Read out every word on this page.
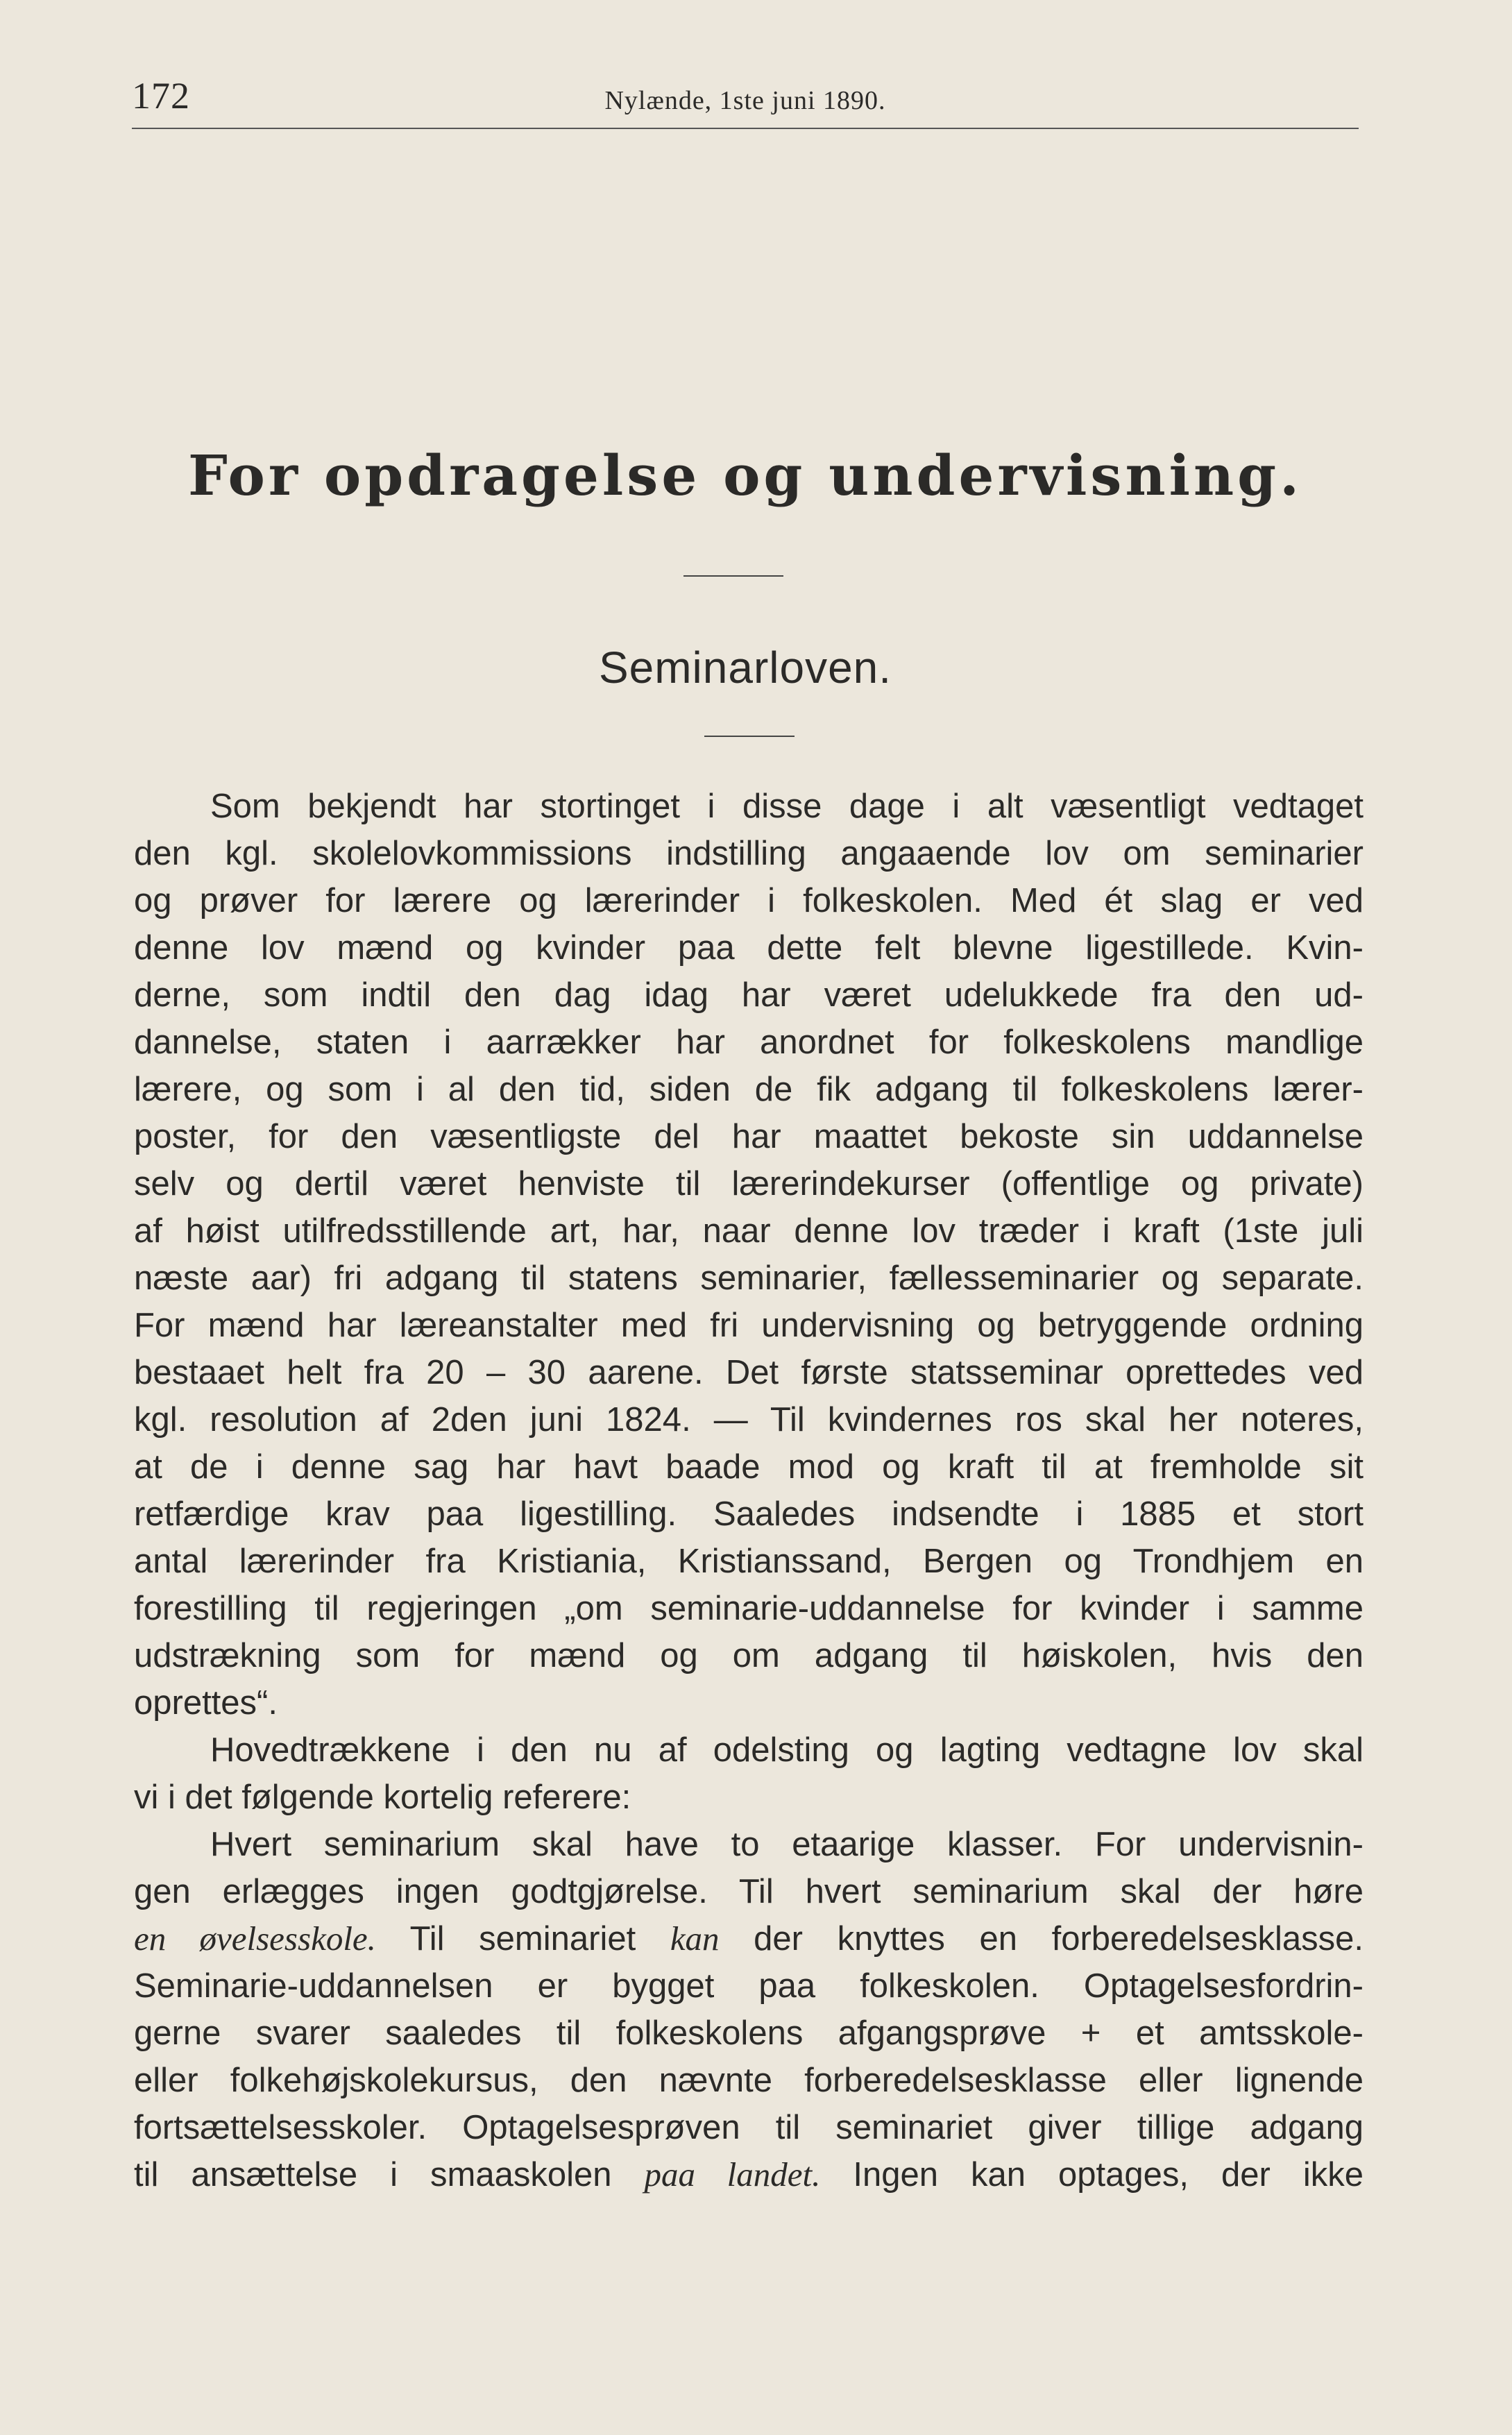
172	Nylænde, 1ste juni 1890.
For opdragelse og undervisning.
Seminarloven.
Som bekjendt har stortinget i disse dage i alt væsentligt vedtaget
den kgl. skolelovkommissions indstilling angaaende lov om seminarier
og prøver for lærere og lærerinder i folkeskolen. Med ét slag er ved
denne lov mænd og kvinder paa dette felt blevne ligestillede. Kvin-
derne, som indtil den dag idag har været udelukkede fra den ud-
dannelse, staten i aarrækker har anordnet for folkeskolens mandlige
lærere, og som i al den tid, siden de fik adgang til folkeskolens lærer-
poster, for den væsentligste del har maattet bekoste sin uddannelse
selv og dertil været henviste til lærerindekurser (offentlige og private)
af høist utilfredsstillende art, har, naar denne lov træder i kraft (1ste juli
næste aar) fri adgang til statens seminarier, fællesseminarier og separate.
For mænd har læreanstalter med fri undervisning og betryggende ordning
bestaaet helt fra 20 – 30 aarene. Det første statsseminar oprettedes ved
kgl. resolution af 2den juni 1824. — Til kvindernes ros skal her noteres,
at de i denne sag har havt baade mod og kraft til at fremholde sit
retfærdige krav paa ligestilling. Saaledes indsendte i 1885 et stort
antal lærerinder fra Kristiania, Kristianssand, Bergen og Trondhjem en
forestilling til regjeringen „om seminarie-uddannelse for kvinder i samme
udstrækning som for mænd og om adgang til høiskolen, hvis den
oprettes“.
Hovedtrækkene i den nu af odelsting og lagting vedtagne lov skal
vi i det følgende kortelig referere:
Hvert seminarium skal have to etaarige klasser. For undervisnin-
gen erlægges ingen godtgjørelse. Til hvert seminarium skal der høre
en øvelsesskole. Til seminariet kan der knyttes en forberedelsesklasse.
Seminarie-uddannelsen er bygget paa folkeskolen. Optagelsesfordrin-
gerne svarer saaledes til folkeskolens afgangsprøve + et amtsskole-
eller folkehøjskolekursus, den nævnte forberedelsesklasse eller lignende
fortsættelsesskoler. Optagelsesprøven til seminariet giver tillige adgang
til ansættelse i smaaskolen paa landet. Ingen kan optages, der ikke
